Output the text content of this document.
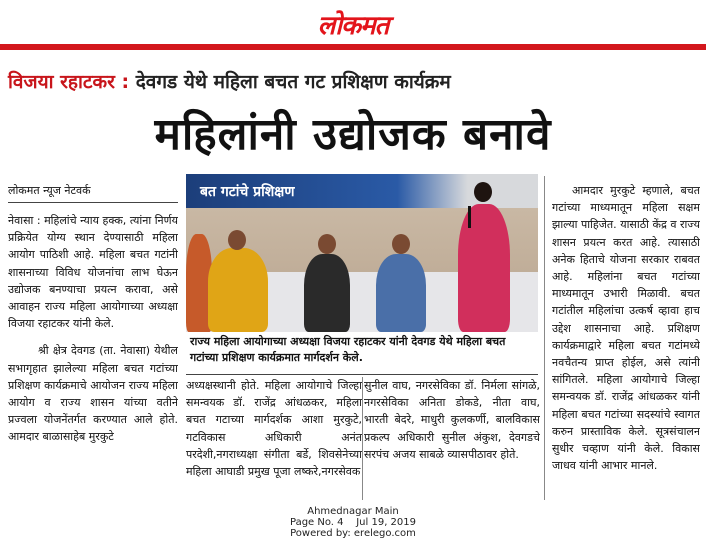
लोकमत
विजया रहाटकर : देवगड येथे महिला बचत गट प्रशिक्षण कार्यक्रम
महिलांनी उद्योजक बनावे
लोकमत न्यूज नेटवर्क

नेवासा : महिलांचे न्याय हक्क, त्यांना निर्णय प्रक्रियेत योग्य स्थान देण्यासाठी महिला आयोग पाठिशी आहे. महिला बचत गटांनी शासनाच्या विविध योजनांचा लाभ घेऊन उद्योजक बनण्याचा प्रयत्न करावा, असे आवाहन राज्य महिला आयोगाच्या अध्यक्षा विजया रहाटकर यांनी केले.

श्री क्षेत्र देवगड (ता. नेवासा) येथील सभागृहात झालेल्या महिला बचत गटांच्या प्रशिक्षण कार्यक्रमाचे आयोजन राज्य महिला आयोग व राज्य शासन यांच्या वतीने प्रज्वला योजनेंतर्गत करण्यात आले होते. आमदार बाळासाहेब मुरकुटे

बत गटांचे प्रशिक्षण
राज्य महिला आयोगाच्या अध्यक्षा विजया रहाटकर यांनी देवगड येथे महिला बचत गटांच्या प्रशिक्षण कार्यक्रमात मार्गदर्शन केले.

अध्यक्षस्थानी होते. महिला आयोगाचे जिल्हा समन्वयक डॉ. राजेंद्र आंधळकर, महिला बचत गटाच्या मार्गदर्शक आशा मुरकुटे, गटविकास अधिकारी अनंत परदेशी,नगराध्यक्षा संगीता बर्डे, शिवसेनेच्या महिला आघाडी प्रमुख पूजा लष्करे,नगरसेवक

सुनील वाघ, नगरसेविका डॉ. निर्मला सांगळे, नगरसेविका अनिता डोकडे, नीता वाघ, भारती बेदरे, माधुरी कुलकर्णी, बालविकास प्रकल्प अधिकारी सुनील अंकुश, देवगडचे सरपंच अजय साबळे व्यासपीठावर होते.

आमदार मुरकुटे म्हणाले, बचत गटांच्या माध्यमातून महिला सक्षम झाल्या पाहिजेत. यासाठी केंद्र व राज्य शासन प्रयत्न करत आहे. त्यासाठी अनेक हिताचे योजना सरकार राबवत आहे. महिलांना बचत गटांच्या माध्यमातून उभारी मिळावी. बचत गटांतील महिलांचा उत्कर्ष व्हावा हाच उद्देश शासनाचा आहे. प्रशिक्षण कार्यक्रमाद्वारे महिला बचत गटांमध्ये नवचैतन्य प्राप्त होईल, असे त्यांनी सांगितले. महिला आयोगाचे जिल्हा समन्वयक डॉ. राजेंद्र आंधळकर यांनी महिला बचत गटांच्या सदस्यांचे स्वागत करुन प्रास्ताविक केले. सूत्रसंचालन सुधीर चव्हाण यांनी केले. विकास जाधव यांनी आभार मानले.

Ahmednagar Main
Page No. 4    Jul 19, 2019
Powered by: erelego.com
